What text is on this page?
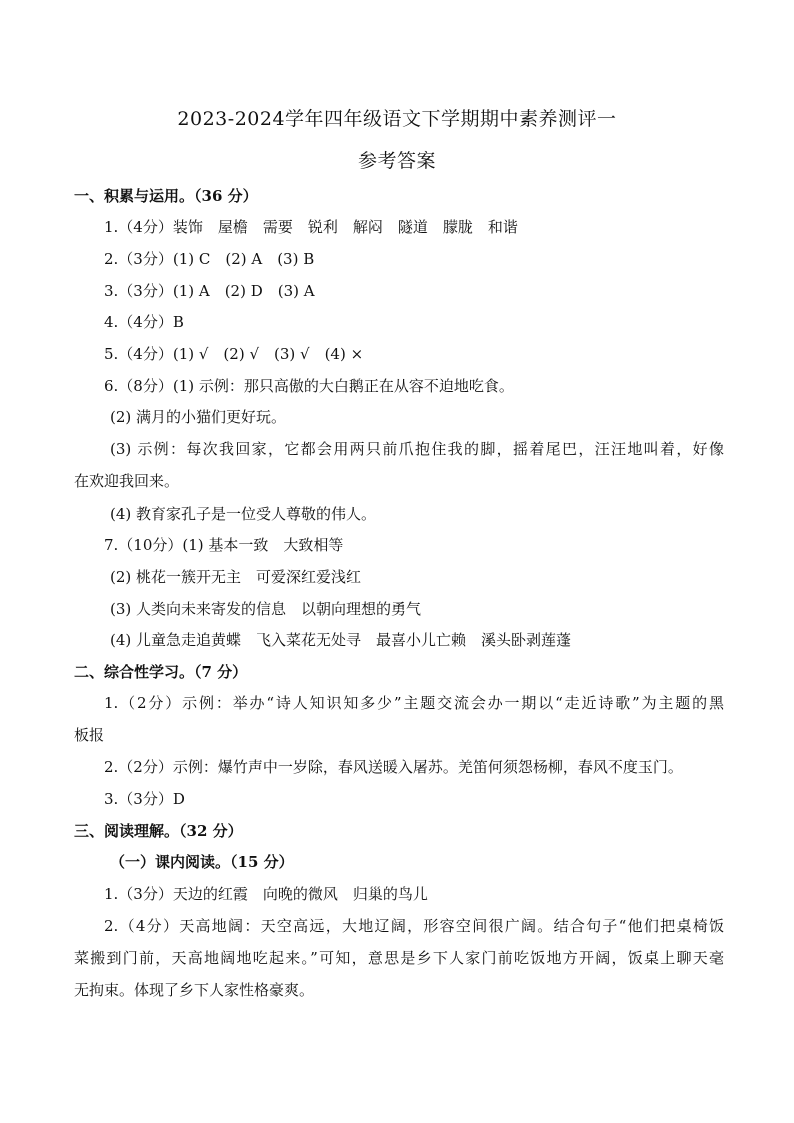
2023-2024学年四年级语文下学期期中素养测评一
参考答案

一、积累与运用。（36 分）

1.（4分）装饰　屋檐　需要　锐利　解闷　隧道　朦胧　和谐

2.（3分）(1) C　(2) A　(3) B

3.（3分）(1) A　(2) D　(3) A

4.（4分）B

5.（4分）(1) √　(2) √　(3) √　(4) ×

6.（8分）(1) 示例：那只高傲的大白鹅正在从容不迫地吃食。

(2) 满月的小猫们更好玩。

(3) 示例：每次我回家，它都会用两只前爪抱住我的脚，摇着尾巴，汪汪地叫着，好像

在欢迎我回来。

(4) 教育家孔子是一位受人尊敬的伟人。

7.（10分）(1) 基本一致　大致相等

(2) 桃花一簇开无主　可爱深红爱浅红

(3) 人类向未来寄发的信息　以朝向理想的勇气

(4) 儿童急走追黄蝶　飞入菜花无处寻　最喜小儿亡赖　溪头卧剥莲蓬

二、综合性学习。（7 分）

1.（2分）示例：举办“诗人知识知多少”主题交流会办一期以“走近诗歌”为主题的黑

板报

2.（2分）示例：爆竹声中一岁除，春风送暖入屠苏。羌笛何须怨杨柳，春风不度玉门。

3.（3分）D

三、阅读理解。（32 分）

（一）课内阅读。（15 分）

1.（3分）天边的红霞　向晚的微风　归巢的鸟儿

2.（4分）天高地阔：天空高远，大地辽阔，形容空间很广阔。结合句子“他们把桌椅饭

菜搬到门前，天高地阔地吃起来。”可知，意思是乡下人家门前吃饭地方开阔，饭桌上聊天毫

无拘束。体现了乡下人家性格豪爽。
